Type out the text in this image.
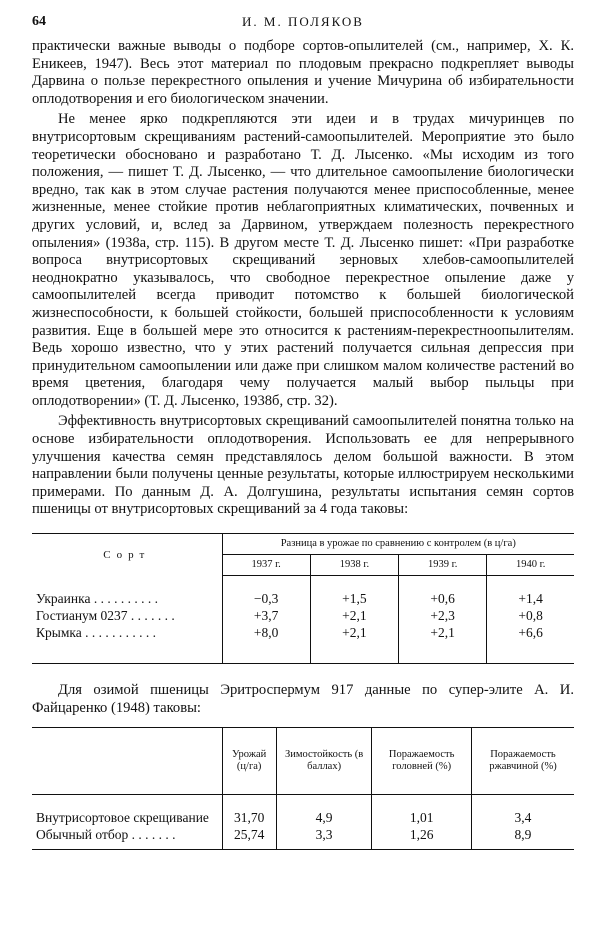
64	И. М. ПОЛЯКОВ

практически важные выводы о подборе сортов-опылителей (см., например, Х. К. Еникеев, 1947). Весь этот материал по плодовым прекрасно подкрепляет выводы Дарвина о пользе перекрестного опыления и учение Мичурина об избирательности оплодотворения и его биологическом значении.

Не менее ярко подкрепляются эти идеи и в трудах мичуринцев по внутрисортовым скрещиваниям растений-самоопылителей. Мероприятие это было теоретически обосновано и разработано Т. Д. Лысенко. «Мы исходим из того положения, — пишет Т. Д. Лысенко, — что длительное самоопыление биологически вредно, так как в этом случае растения получаются менее приспособленные, менее жизненные, менее стойкие против неблагоприятных климатических, почвенных и других условий, и, вслед за Дарвином, утверждаем полезность перекрестного опыления» (1938а, стр. 115). В другом месте Т. Д. Лысенко пишет: «При разработке вопроса внутрисортовых скрещиваний зерновых хлебов-самоопылителей неоднократно указывалось, что свободное перекрестное опыление даже у самоопылителей всегда приводит потомство к большей биологической жизнеспособности, к большей стойкости, большей приспособленности к условиям развития. Еще в большей мере это относится к растениям-перекрестноопылителям. Ведь хорошо известно, что у этих растений получается сильная депрессия при принудительном самоопылении или даже при слишком малом количестве растений во время цветения, благодаря чему получается малый выбор пыльцы при оплодотворении» (Т. Д. Лысенко, 1938б, стр. 32).

Эффективность внутрисортовых скрещиваний самоопылителей понятна только на основе избирательности оплодотворения. Использовать ее для непрерывного улучшения качества семян представлялось делом большой важности. В этом направлении были получены ценные результаты, которые иллюстрируем несколькими примерами. По данным Д. А. Долгушина, результаты испытания семян сортов пшеницы от внутрисортовых скрещиваний за 4 года таковы:

Сорт	Разница в урожае по сравнению с контролем (в ц/га)			
	1937 г.	1938 г.	1939 г.	1940 г.

Украинка . . . . . . . . . .	−0,3	+1,5	+0,6	+1,4
Гостианум 0237 . . . . . . .	+3,7	+2,1	+2,3	+0,8
Крымка . . . . . . . . . . .	+8,0	+2,1	+2,1	+6,6

Для озимой пшеницы Эритроспермум 917 данные по супер-элите А. И. Файцаренко (1948) таковы:

	Урожай (ц/га)	Зимостойкость (в баллах)	Поражаемость головней (%)	Поражаемость ржавчиной (%)

Внутрисортовое скрещивание	31,70	4,9	1,01	3,4
Обычный отбор . . . . . . .	25,74	3,3	1,26	8,9
